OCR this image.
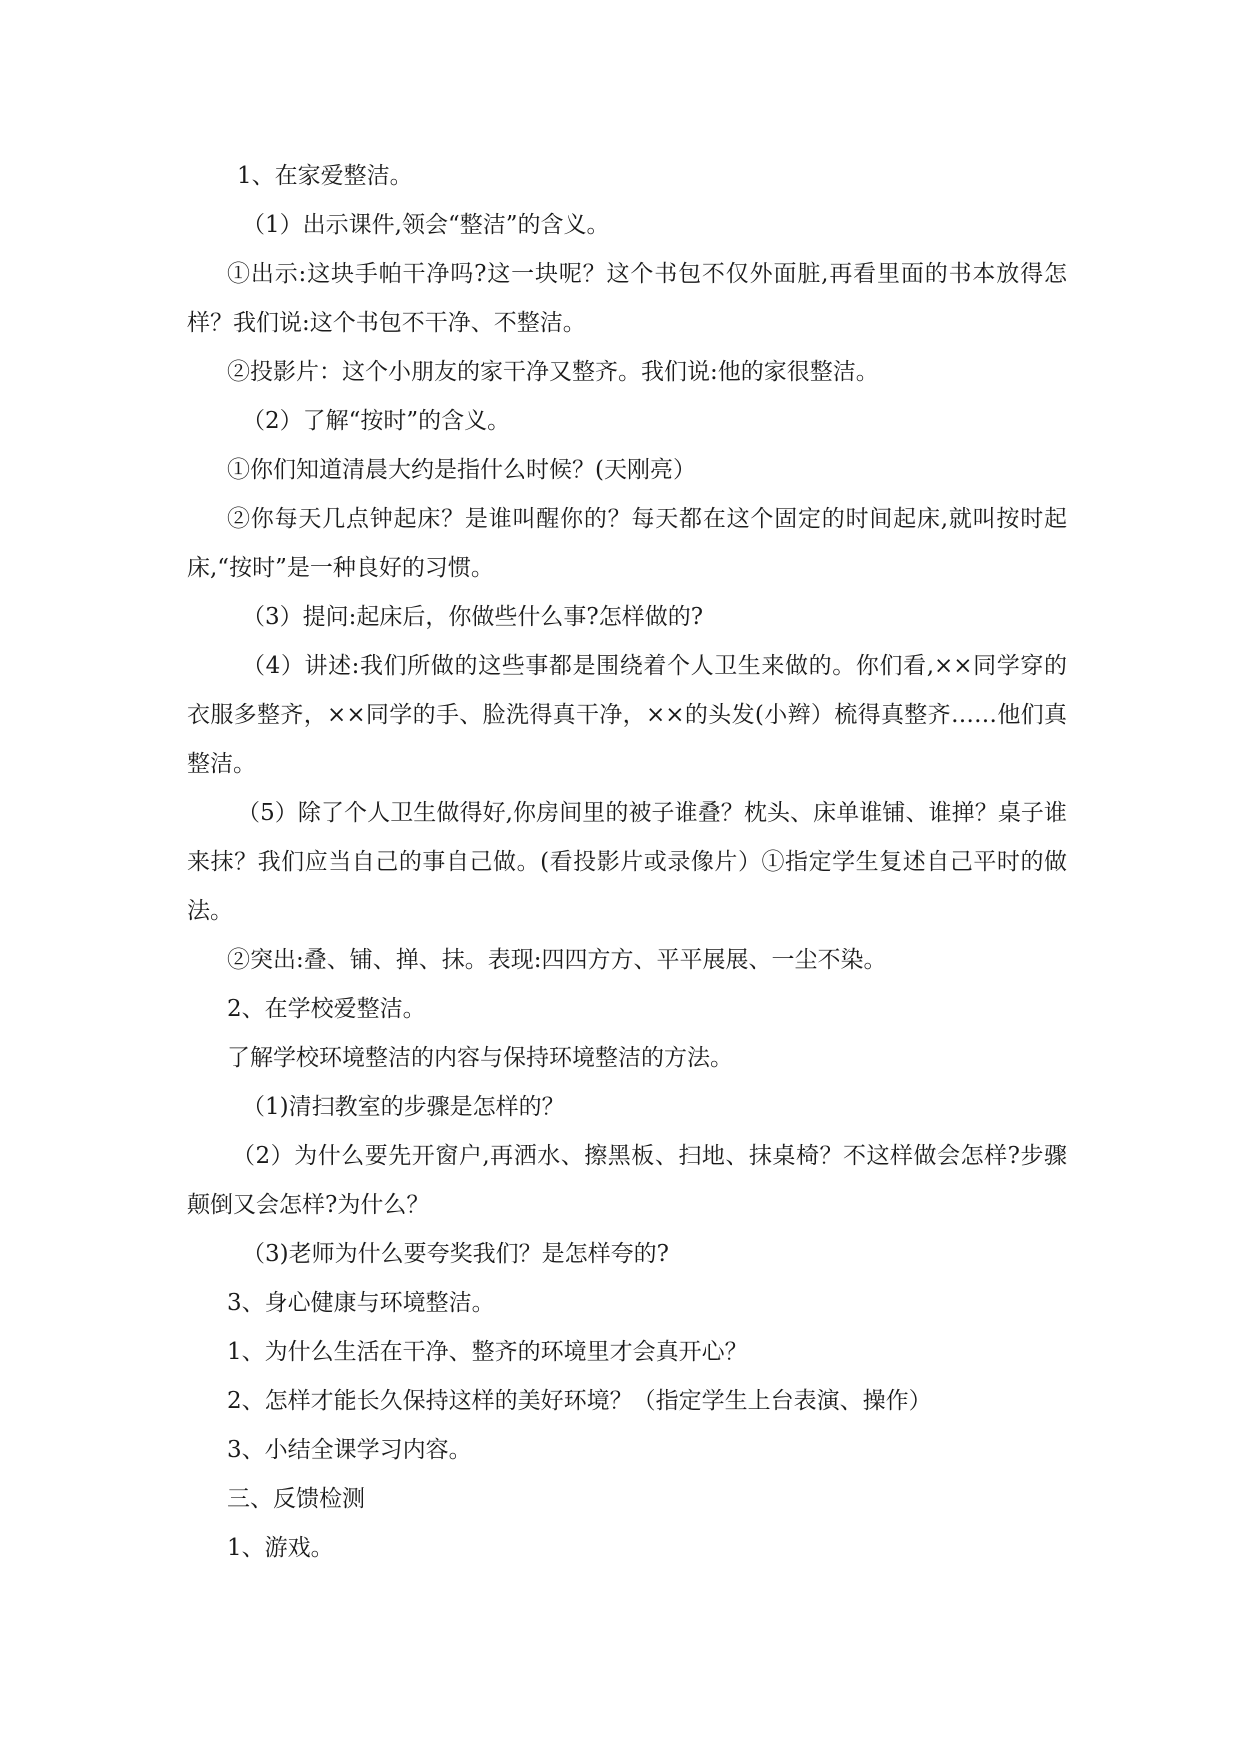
1、在家爱整洁。

（1）出示课件,领会“整洁”的含义。

①出示:这块手帕干净吗?这一块呢？这个书包不仅外面脏,再看里面的书本放得怎样？我们说:这个书包不干净、不整洁。

②投影片：这个小朋友的家干净又整齐。我们说:他的家很整洁。

（2）了解“按时”的含义。

①你们知道清晨大约是指什么时候？(天刚亮）

②你每天几点钟起床？是谁叫醒你的？每天都在这个固定的时间起床,就叫按时起床,“按时”是一种良好的习惯。

（3）提问:起床后，你做些什么事?怎样做的?

（4）讲述:我们所做的这些事都是围绕着个人卫生来做的。你们看,××同学穿的衣服多整齐，××同学的手、脸洗得真干净，××的头发(小辫）梳得真整齐……他们真整洁。

（5）除了个人卫生做得好,你房间里的被子谁叠？枕头、床单谁铺、谁掸？桌子谁来抹？我们应当自己的事自己做。(看投影片或录像片）①指定学生复述自己平时的做法。

②突出:叠、铺、掸、抹。表现:四四方方、平平展展、一尘不染。

2、在学校爱整洁。

了解学校环境整洁的内容与保持环境整洁的方法。

（1)清扫教室的步骤是怎样的？

（2）为什么要先开窗户,再洒水、擦黑板、扫地、抹桌椅？不这样做会怎样?步骤颠倒又会怎样?为什么？

（3)老师为什么要夸奖我们？是怎样夸的?

3、身心健康与环境整洁。

1、为什么生活在干净、整齐的环境里才会真开心？

2、怎样才能长久保持这样的美好环境？（指定学生上台表演、操作）

3、小结全课学习内容。

三、反馈检测

1、游戏。
